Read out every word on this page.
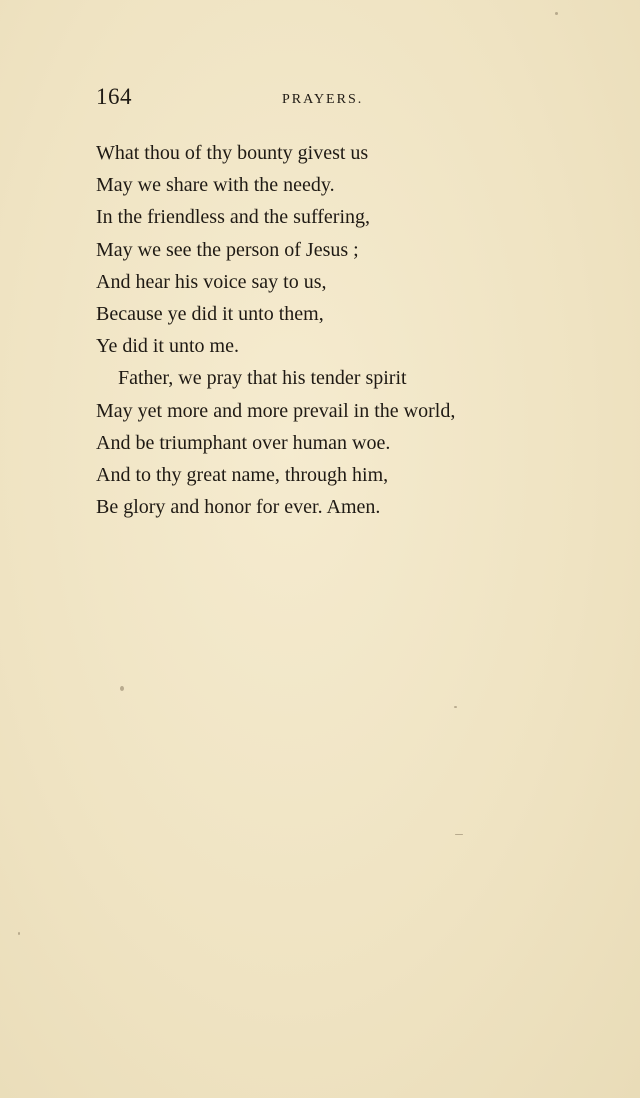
164	PRAYERS.
What thou of thy bounty givest us
May we share with the needy.
In the friendless and the suffering,
May we see the person of Jesus ;
And hear his voice say to us,
Because ye did it unto them,
Ye did it unto me.
Father, we pray that his tender spirit
May yet more and more prevail in the world,
And be triumphant over human woe.
And to thy great name, through him,
Be glory and honor for ever. Amen.
